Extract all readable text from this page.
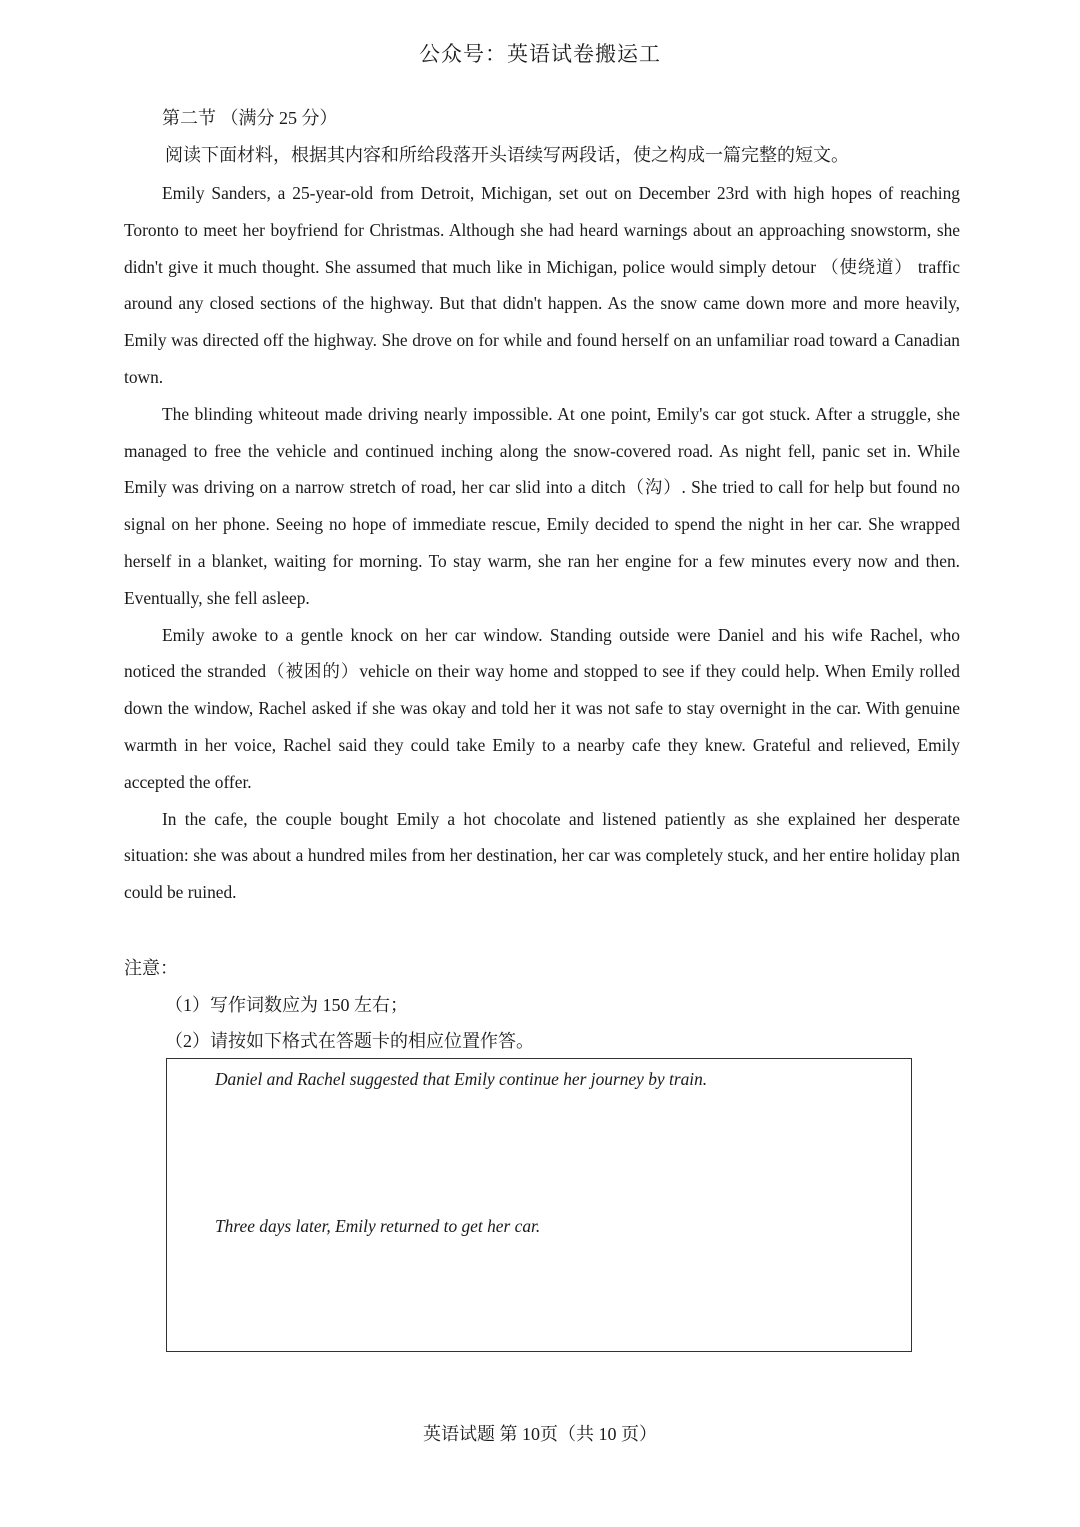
公众号：英语试卷搬运工
第二节 （满分 25 分）
阅读下面材料，根据其内容和所给段落开头语续写两段话，使之构成一篇完整的短文。

Emily Sanders, a 25-year-old from Detroit, Michigan, set out on December 23rd with high hopes of reaching Toronto to meet her boyfriend for Christmas. Although she had heard warnings about an approaching snowstorm, she didn't give it much thought. She assumed that much like in Michigan, police would simply detour （使绕道） traffic around any closed sections of the highway. But that didn't happen. As the snow came down more and more heavily, Emily was directed off the highway. She drove on for while and found herself on an unfamiliar road toward a Canadian town.

The blinding whiteout made driving nearly impossible. At one point, Emily's car got stuck. After a struggle, she managed to free the vehicle and continued inching along the snow-covered road. As night fell, panic set in. While Emily was driving on a narrow stretch of road, her car slid into a ditch（沟）. She tried to call for help but found no signal on her phone. Seeing no hope of immediate rescue, Emily decided to spend the night in her car. She wrapped herself in a blanket, waiting for morning. To stay warm, she ran her engine for a few minutes every now and then. Eventually, she fell asleep.

Emily awoke to a gentle knock on her car window. Standing outside were Daniel and his wife Rachel, who noticed the stranded（被困的）vehicle on their way home and stopped to see if they could help. When Emily rolled down the window, Rachel asked if she was okay and told her it was not safe to stay overnight in the car. With genuine warmth in her voice, Rachel said they could take Emily to a nearby cafe they knew. Grateful and relieved, Emily accepted the offer.

In the cafe, the couple bought Emily a hot chocolate and listened patiently as she explained her desperate situation: she was about a hundred miles from her destination, her car was completely stuck, and her entire holiday plan could be ruined.

注意：
（1）写作词数应为 150 左右；
（2）请按如下格式在答题卡的相应位置作答。
Daniel and Rachel suggested that Emily continue her journey by train.
Three days later, Emily returned to get her car.
英语试题 第 10页（共 10 页）
